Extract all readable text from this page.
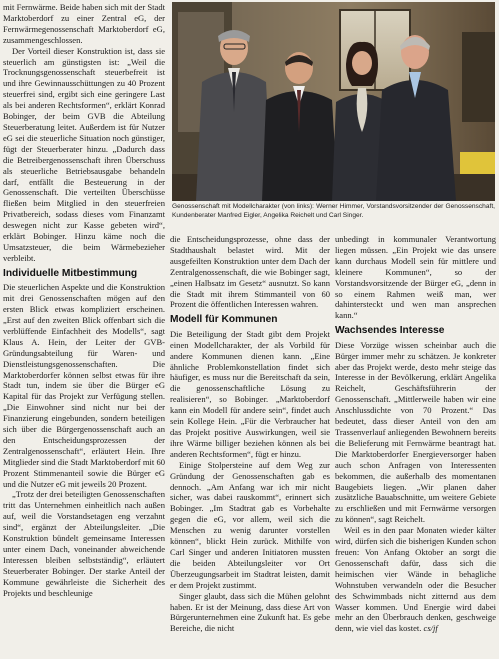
mit Fernwärme. Beide haben sich mit der Stadt Marktoberdorf zu einer Zentral eG, der Fernwärmegenossenschaft Marktoberdorf eG, zusammengeschlossen.

Der Vorteil dieser Konstruktion ist, dass sie steuerlich am günstigsten ist: „Weil die Trocknungsgenossenschaft steuerbefreit ist und ihre Gewinnausschüttungen zu 40 Prozent steuerfrei sind, ergibt sich eine geringere Last als bei anderen Rechtsformen“, erklärt Konrad Bobinger, der beim GVB die Abteilung Steuerberatung leitet. Außerdem ist für Nutzer eG sei die steuerliche Situation noch günstiger, fügt der Steuerberater hinzu. „Dadurch dass die Betreibergenossenschaft ihren Überschuss als steuerliche Betriebsausgabe behandeln darf, entfällt die Besteuerung in der Genossenschaft. Die verteilten Überschüsse fließen beim Mitglied in den steuerfreien Privatbereich, sodass dieses vom Finanzamt deswegen nicht zur Kasse gebeten wird“, erklärt Bobinger. Hinzu käme noch die Umsatzsteuer, die beim Wärmebezieher verbleibt.

Individuelle Mitbestimmung

Die steuerlichen Aspekte und die Konstruktion mit drei Genossenschaften mögen auf den ersten Blick etwas kompliziert erscheinen. „Erst auf den zweiten Blick offenbart sich die verblüffende Einfachheit des Modells“, sagt Klaus A. Hein, der Leiter der GVB-Gründungsabteilung für Waren- und Dienstleistungsgenossenschaften. Die Marktoberdorfer können selbst etwas für ihre Stadt tun, indem sie über die Bürger eG Kapital für das Projekt zur Verfügung stellen. „Die Einwohner sind nicht nur bei der Finanzierung eingebunden, sondern beteiligen sich über die Bürgergenossenschaft auch an den Entscheidungsprozessen der Zentralgenossenschaft“, erläutert Hein. Ihre Mitglieder sind die Stadt Marktoberdorf mit 60 Prozent Stimmenanteil sowie die Bürger eG und die Nutzer eG mit jeweils 20 Prozent.

„Trotz der drei beteiligten Genossenschaften tritt das Unternehmen einheitlich nach außen auf, weil die Vorstandsetagen eng verzahnt sind“, ergänzt der Abteilungsleiter. „Die Konstruktion bündelt gemeinsame Interessen unter einem Dach, voneinander abweichende Interessen bleiben selbstständig“, erläutert Steuerberater Bobinger. Der starke Anteil der Kommune gewährleiste die Sicherheit des Projekts und beschleunige

Genossenschaft mit Modellcharakter (von links): Werner Himmer, Vorstandsvorsitzender der Genossenschaft, Kundenberater Manfred Eigler, Angelika Reichelt und Carl Singer.

die Entscheidungsprozesse, ohne dass der Stadthaushalt belastet wird. Mit der ausgefeilten Konstruktion unter dem Dach der Zentralgenossenschaft, die wie Bobinger sagt, „einen Halbsatz im Gesetz“ ausnutzt. So kann die Stadt mit ihrem Stimmanteil von 60 Prozent die öffentlichen Interessen wahren.

Modell für Kommunen

Die Beteiligung der Stadt gibt dem Projekt einen Modellcharakter, der als Vorbild für andere Kommunen dienen kann. „Eine ähnliche Problemkonstellation findet sich häufiger, es muss nur die Bereitschaft da sein, die genossenschaftliche Lösung zu realisieren“, so Bobinger. „Marktoberdorf kann ein Modell für andere sein“, findet auch sein Kollege Hein. „Für die Verbraucher hat das Projekt positive Auswirkungen, weil sie ihre Wärme billiger beziehen können als bei anderen Rechtsformen“, fügt er hinzu.

Einige Stolpersteine auf dem Weg zur Gründung der Genossenschaften gab es dennoch. „Am Anfang war ich mir nicht sicher, was dabei rauskommt“, erinnert sich Bobinger. „Im Stadtrat gab es Vorbehalte gegen die eG, vor allem, weil sich die Menschen zu wenig darunter vorstellen können“, blickt Hein zurück. Mithilfe von Carl Singer und anderen Initiatoren mussten die beiden Abteilungsleiter vor Ort Überzeugungsarbeit im Stadtrat leisten, damit er dem Projekt zustimmt.

Singer glaubt, dass sich die Mühen gelohnt haben. Er ist der Meinung, dass diese Art von Bürgerunternehmen eine Zukunft hat. Es gebe Bereiche, die nicht

unbedingt in kommunaler Verantwortung liegen müssen. „Ein Projekt wie das unsere kann durchaus Modell sein für mittlere und kleinere Kommunen“, so der Vorstandsvorsitzende der Bürger eG, „denn in so einem Rahmen weiß man, wer dahintersteckt und wen man ansprechen kann.“

Wachsendes Interesse

Diese Vorzüge wissen scheinbar auch die Bürger immer mehr zu schätzen. Je konkreter aber das Projekt werde, desto mehr steige das Interesse in der Bevölkerung, erklärt Angelika Reichelt, Geschäftsführerin der Genossenschaft. „Mittlerweile haben wir eine Anschlussdichte von 70 Prozent.“ Das bedeutet, dass dieser Anteil von den am Trassenverlauf anliegenden Bewohnern bereits die Belieferung mit Fernwärme beantragt hat. Die Marktoberdorfer Energieversorger haben auch schon Anfragen von Interessenten bekommen, die außerhalb des momentanen Baugebiets liegen. „Wir planen daher zusätzliche Bauabschnitte, um weitere Gebiete zu erschließen und mit Fernwärme versorgen zu können“, sagt Reichelt.

Weil es in den paar Monaten wieder kälter wird, dürfen sich die bisherigen Kunden schon freuen: Von Anfang Oktober an sorgt die Genossenschaft dafür, dass sich die heimischen vier Wände in behagliche Wohnstuben verwandeln oder die Besucher des Schwimmbads nicht zitternd aus dem Wasser kommen. Und Energie wird dabei mehr an den Überbrauch denken, geschweige denn, wie viel das kostet. cs/jf
